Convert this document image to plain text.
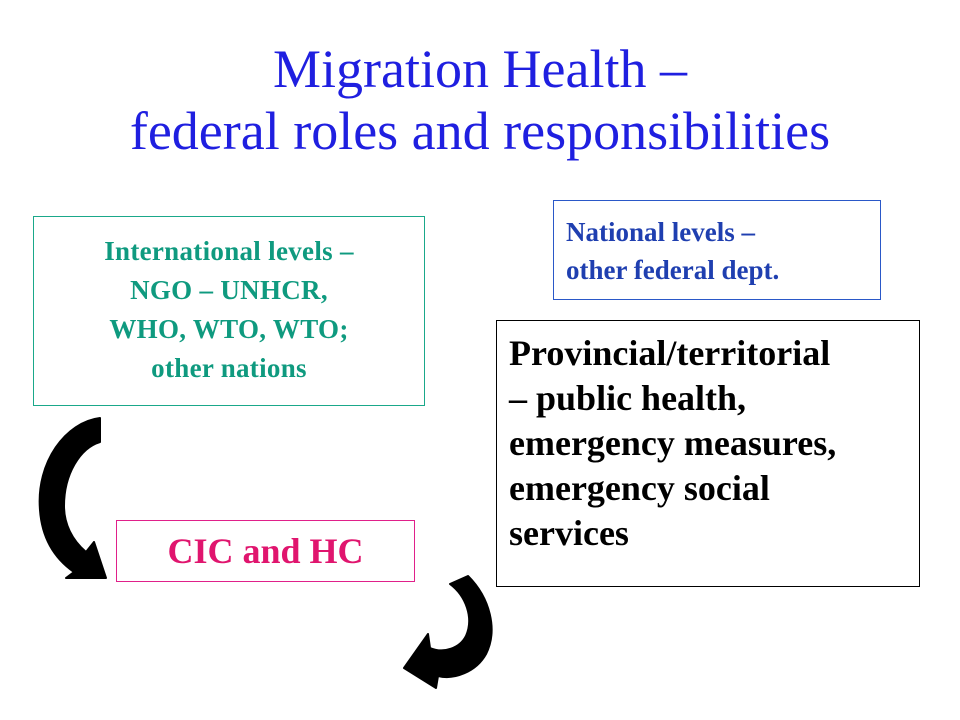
Migration Health –
federal roles and responsibilities
International levels –
NGO – UNHCR,
WHO, WTO, WTO;
other nations
National levels –
other federal dept.
Provincial/territorial
– public health,
emergency measures,
emergency social
services
CIC and HC
